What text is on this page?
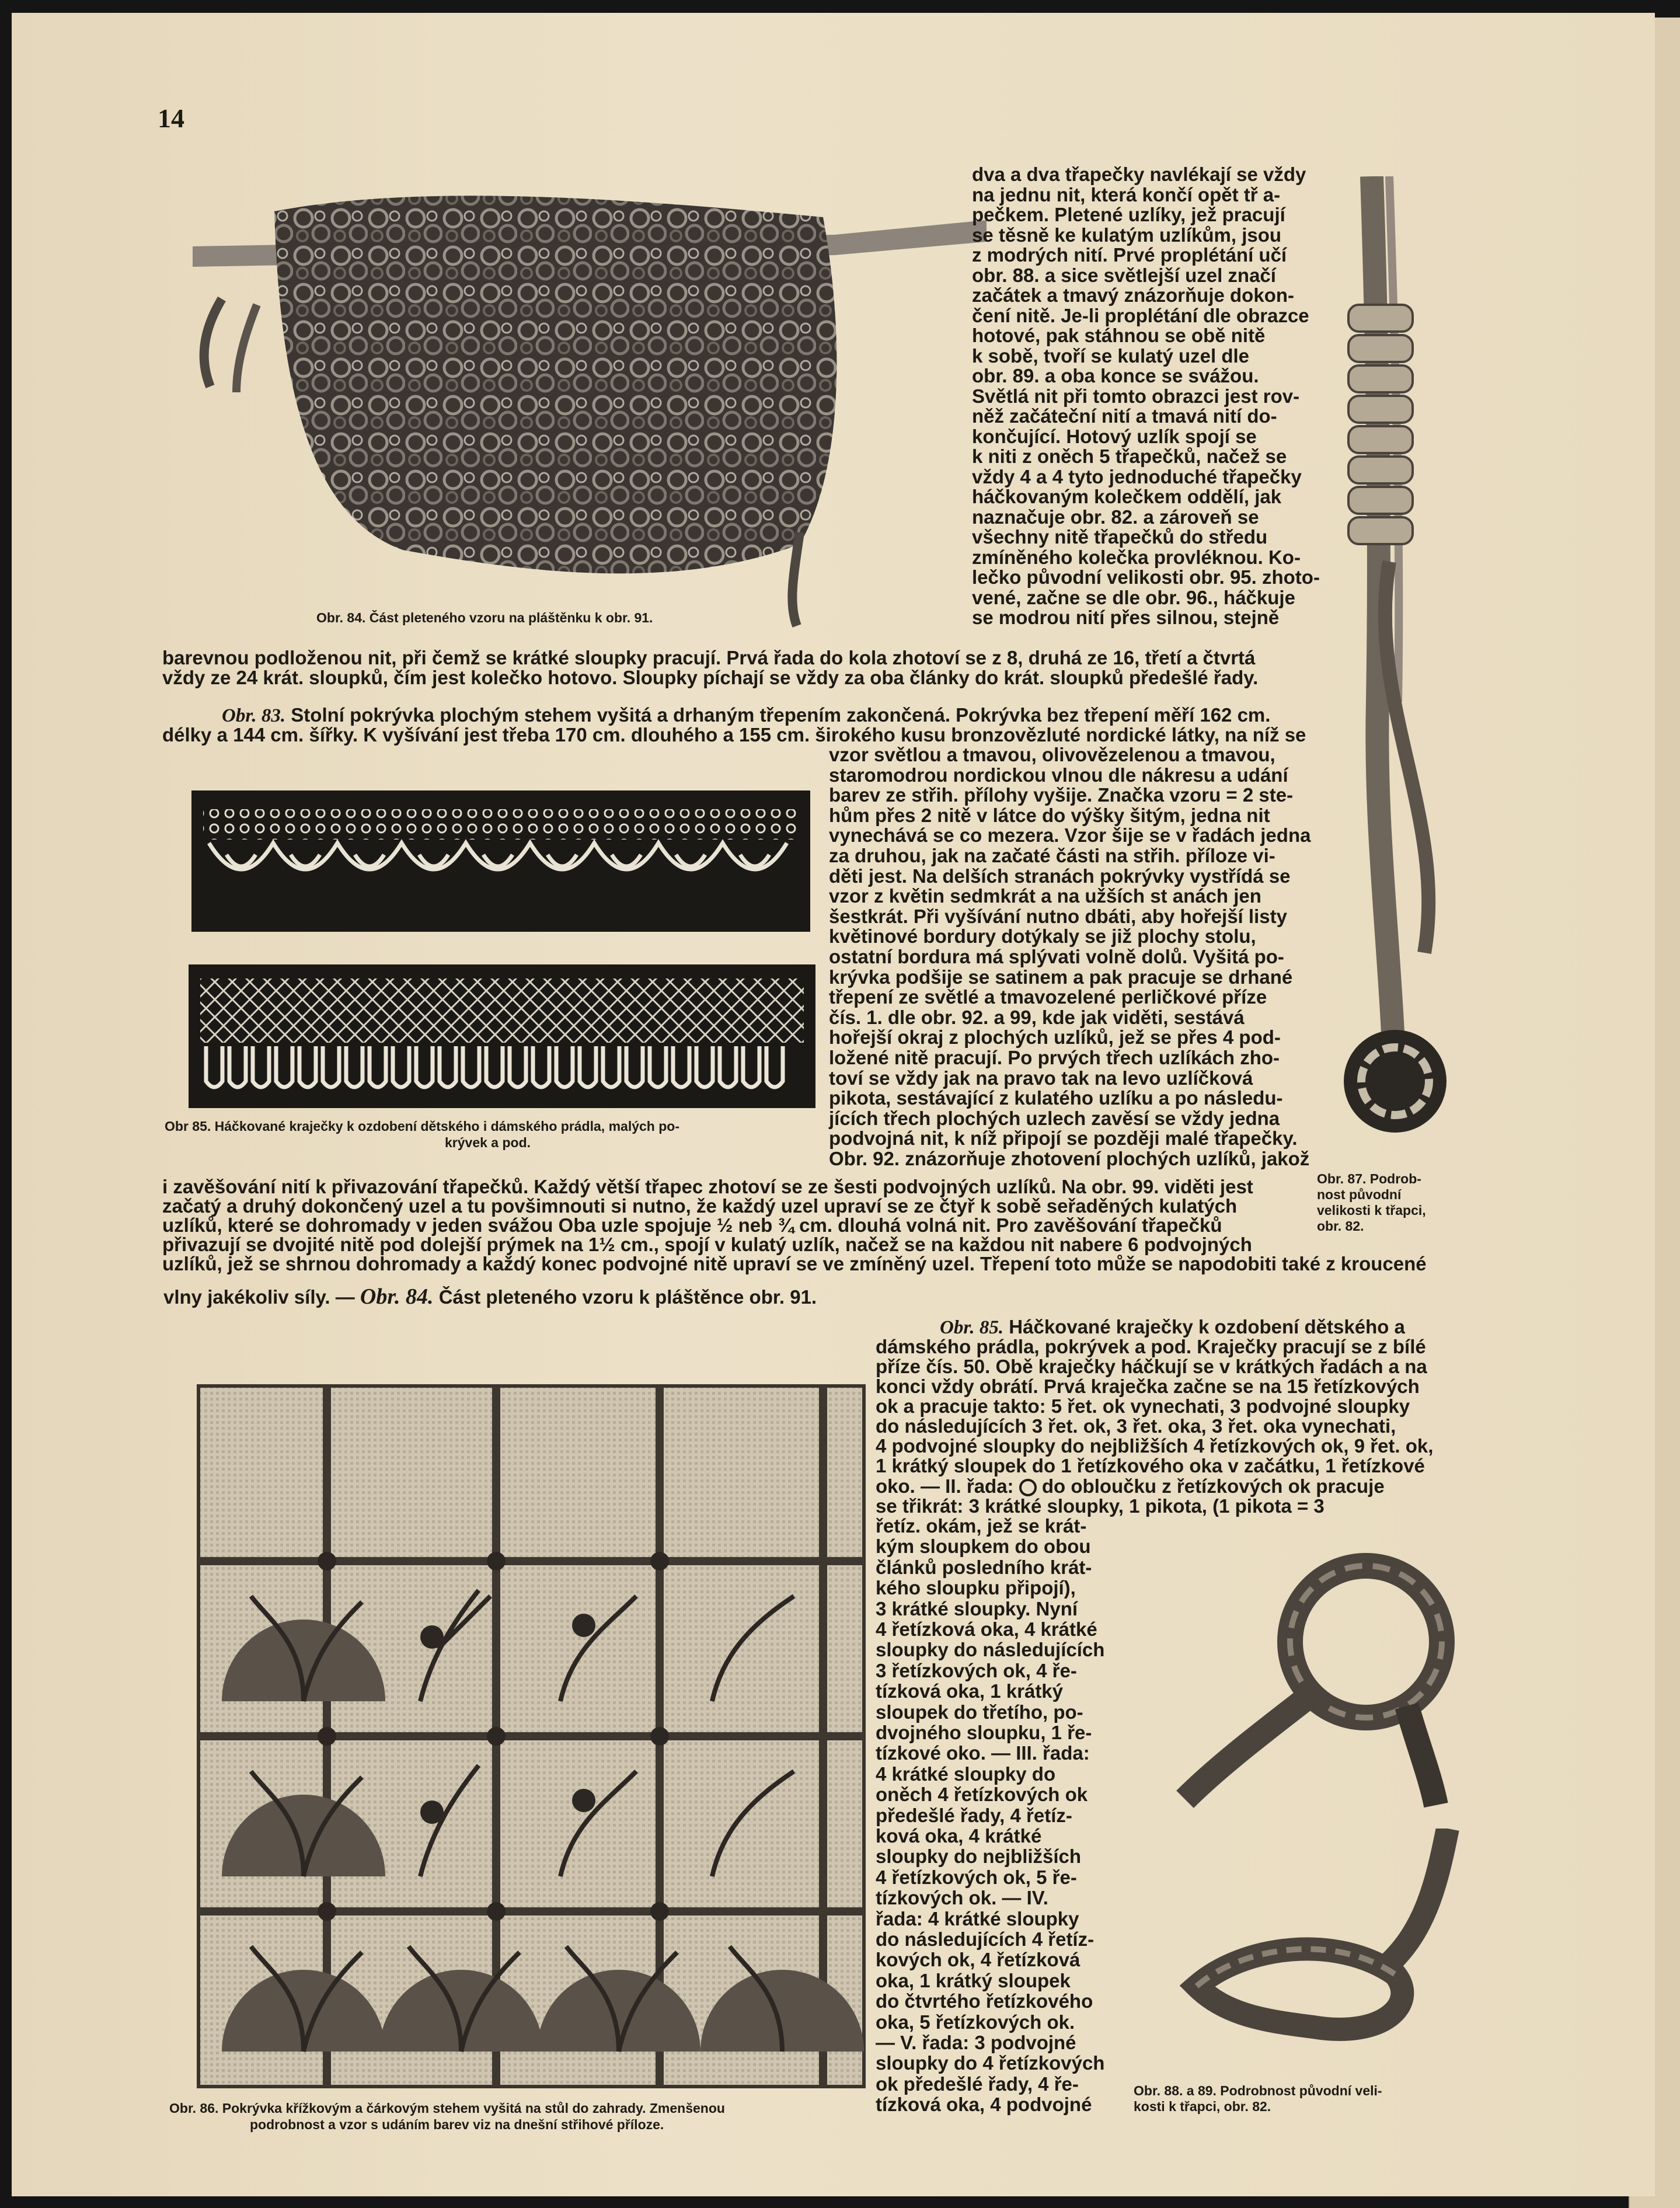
14
Obr. 84. Část pleteného vzoru na pláštěnku k obr. 91.
dva a dva třapečky navlékají se vždy
na jednu nit, která končí opět tř a-
pečkem. Pletené uzlíky, jež pracují
se těsně ke kulatým uzlíkům, jsou
z modrých nití. Prvé proplétání učí
obr. 88. a sice světlejší uzel značí
začátek a tmavý znázorňuje dokon-
čení nitě. Je-li proplétání dle obrazce
hotové, pak stáhnou se obě nitě
k sobě, tvoří se kulatý uzel dle
obr. 89. a oba konce se svážou.
Světlá nit při tomto obrazci jest rov-
něž začáteční nití a tmavá nití do-
končující. Hotový uzlík spojí se
k niti z oněch 5 třapečků, načež se
vždy 4 a 4 tyto jednoduché třapečky
háčkovaným kolečkem oddělí, jak
naznačuje obr. 82. a zároveň se
všechny nitě třapečků do středu
zmíněného kolečka provléknou. Ko-
lečko původní velikosti obr. 95. zhoto-
vené, začne se dle obr. 96., háčkuje
se modrou nití přes silnou, stejně
Obr. 87. Podrob-
nost původní
velikosti k třapci,
obr. 82.
barevnou podloženou nit, při čemž se krátké sloupky pracují. Prvá řada do kola zhotoví se z 8, druhá ze 16, třetí a čtvrtá
vždy ze 24 krát. sloupků, čím jest kolečko hotovo. Sloupky píchají se vždy za oba články do krát. sloupků předešlé řady.
Obr. 83. Stolní pokrývka plochým stehem vyšitá a drhaným třepením zakončená. Pokrývka bez třepení měří 162 cm.
délky a 144 cm. šířky. K vyšívání jest třeba 170 cm. dlouhého a 155 cm. širokého kusu bronzovězluté nordické látky, na níž se
Obr 85. Háčkované kraječky k ozdobení dětského i dámského prádla, malých po-
krývek a pod.
vzor světlou a tmavou, olivovězelenou a tmavou,
staromodrou nordickou vlnou dle nákresu a udání
barev ze střih. přílohy vyšije. Značka vzoru = 2 ste-
hům přes 2 nitě v látce do výšky šitým, jedna nit
vynechává se co mezera. Vzor šije se v řadách jedna
za druhou, jak na začaté části na střih. příloze vi-
děti jest. Na delších stranách pokrývky vystřídá se
vzor z květin sedmkrát a na užších st anách jen
šestkrát. Při vyšívání nutno dbáti, aby hořejší listy
květinové bordury dotýkaly se již plochy stolu,
ostatní bordura má splývati volně dolů. Vyšitá po-
krývka podšije se satinem a pak pracuje se drhané
třepení ze světlé a tmavozelené perličkové příze
čís. 1. dle obr. 92. a 99, kde jak viděti, sestává
hořejší okraj z plochých uzlíků, jež se přes 4 pod-
ložené nitě pracují. Po prvých třech uzlíkách zho-
toví se vždy jak na pravo tak na levo uzlíčková
pikota, sestávající z kulatého uzlíku a po následu-
jících třech plochých uzlech zavěsí se vždy jedna
podvojná nit, k níž připojí se později malé třapečky.
Obr. 92. znázorňuje zhotovení plochých uzlíků, jakož
i zavěšování nití k přivazování třapečků. Každý větší třapec zhotoví se ze šesti podvojných uzlíků. Na obr. 99. viděti jest
začatý a druhý dokončený uzel a tu povšimnouti si nutno, že každý uzel upraví se ze čtyř k sobě seřaděných kulatých
uzlíků, které se dohromady v jeden svážou Oba uzle spojuje ½ neb ¾ cm. dlouhá volná nit. Pro zavěšování třapečků
přivazují se dvojité nitě pod dolejší prýmek na 1½ cm., spojí v kulatý uzlík, načež se na každou nit nabere 6 podvojných
uzlíků, jež se shrnou dohromady a každý konec podvojné nitě upraví se ve zmíněný uzel. Třepení toto může se napodobiti také z kroucené
vlny jakékoliv síly. — Obr. 84. Část pleteného vzoru k pláštěnce obr. 91.
Obr. 85. Háčkované kraječky k ozdobení dětského a
dámského prádla, pokrývek a pod. Kraječky pracují se z bílé
příze čís. 50. Obě kraječky háčkují se v krátkých řadách a na
konci vždy obrátí. Prvá kraječka začne se na 15 řetízkových
ok a pracuje takto: 5 řet. ok vynechati, 3 podvojné sloupky
do následujících 3 řet. ok, 3 řet. oka, 3 řet. oka vynechati,
4 podvojné sloupky do nejbližších 4 řetízkových ok, 9 řet. ok,
1 krátký sloupek do 1 řetízkového oka v začátku, 1 řetízkové
oko. — II. řada: do obloučku z řetízkových ok pracuje
se třikrát: 3 krátké sloupky, 1 pikota, (1 pikota = 3
Obr. 86. Pokrývka křížkovým a čárkovým stehem vyšitá na stůl do zahrady. Zmenšenou
podrobnost a vzor s udáním barev viz na dnešní střihové příloze.
řetíz. okám, jež se krát-
kým sloupkem do obou
článků posledního krát-
kého sloupku připojí),
3 krátké sloupky. Nyní
4 řetízková oka, 4 krátké
sloupky do následujících
3 řetízkových ok, 4 ře-
tízková oka, 1 krátký
sloupek do třetího, po-
dvojného sloupku, 1 ře-
tízkové oko. — III. řada:
4 krátké sloupky do
oněch 4 řetízkových ok
předešlé řady, 4 řetíz-
ková oka, 4 krátké
sloupky do nejbližších
4 řetízkových ok, 5 ře-
tízkových ok. — IV.
řada: 4 krátké sloupky
do následujících 4 řetíz-
kových ok, 4 řetízková
oka, 1 krátký sloupek
do čtvrtého řetízkového
oka, 5 řetízkových ok.
— V. řada: 3 podvojné
sloupky do 4 řetízkových
ok předešlé řady, 4 ře-
tízková oka, 4 podvojné
Obr. 88. a 89. Podrobnost původní veli-
kosti k třapci, obr. 82.
